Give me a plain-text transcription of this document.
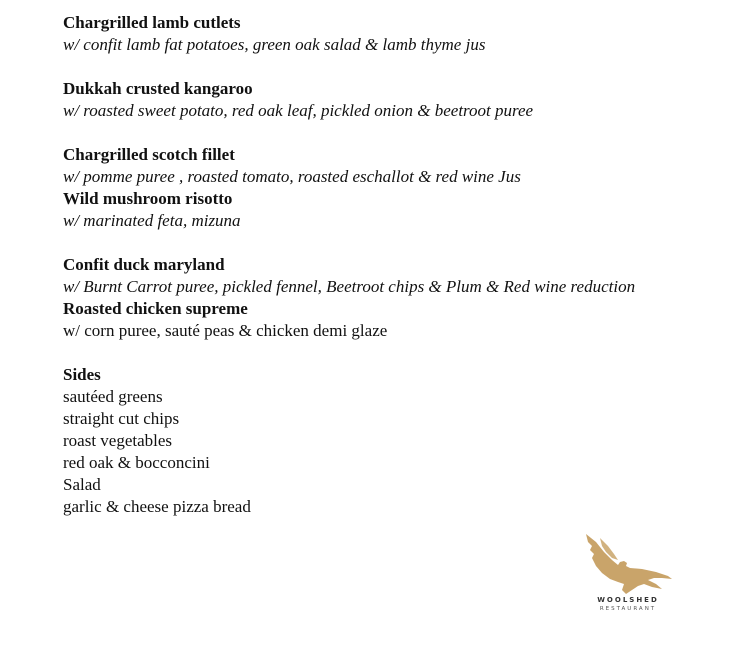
Chargrilled lamb cutlets
w/ confit lamb fat potatoes, green oak salad & lamb thyme jus
Dukkah crusted kangaroo
w/ roasted sweet potato, red oak leaf, pickled onion & beetroot puree
Chargrilled scotch fillet
w/ pomme puree , roasted tomato, roasted eschallot & red wine Jus
Wild mushroom risotto
w/ marinated feta, mizuna
Confit duck maryland
w/ Burnt Carrot puree, pickled fennel, Beetroot chips & Plum & Red wine reduction
Roasted chicken supreme
w/ corn puree, sauté peas & chicken demi glaze
Sides
sautéed greens
straight cut chips
roast vegetables
red oak & bocconcini
Salad
garlic & cheese pizza bread
WOOLSHED
RESTAURANT
